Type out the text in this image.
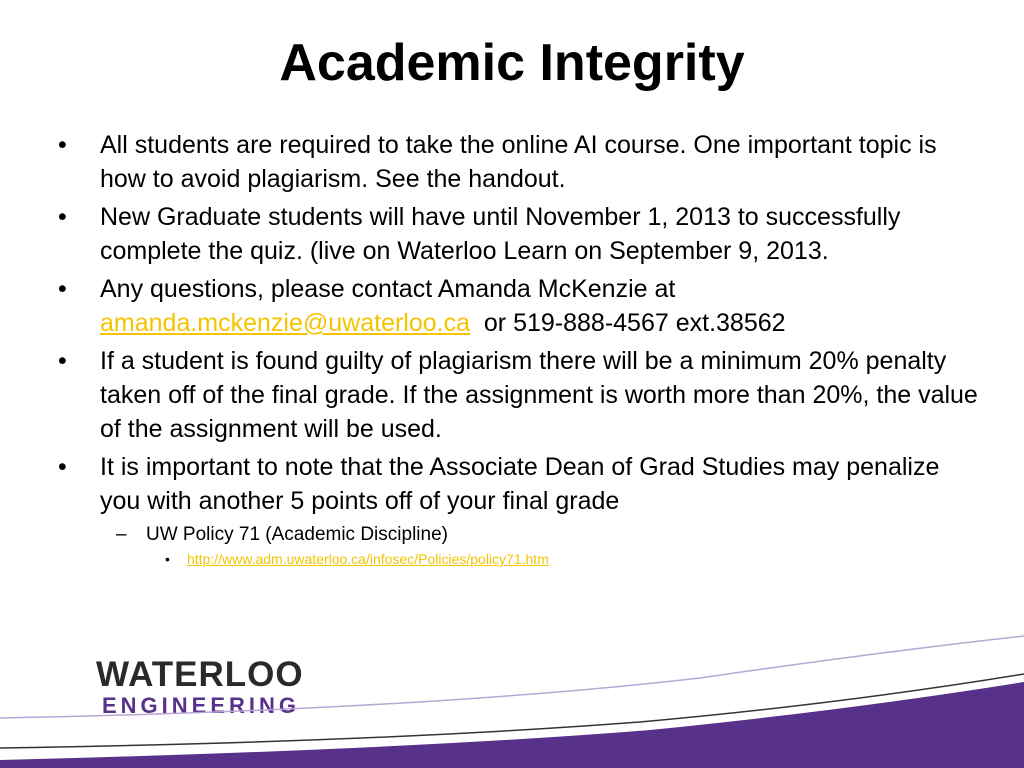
Academic Integrity
•	All students are required to take the online AI course. One important topic is how to avoid plagiarism. See the handout.
•	New Graduate students will have until November 1, 2013 to successfully complete the quiz. (live on Waterloo Learn on September 9, 2013.
•	Any questions, please contact Amanda McKenzie at amanda.mckenzie@uwaterloo.ca  or 519-888-4567 ext.38562
•	If a student is found guilty of plagiarism there will be a minimum 20% penalty taken off of the final grade. If the assignment is worth more than 20%, the value of the assignment will be used.
•	It is important to note that the Associate Dean of Grad Studies may penalize you with another 5 points off of your final grade
– UW Policy 71 (Academic Discipline)
• http://www.adm.uwaterloo.ca/infosec/Policies/policy71.htm
WATERLOO
ENGINEERING
